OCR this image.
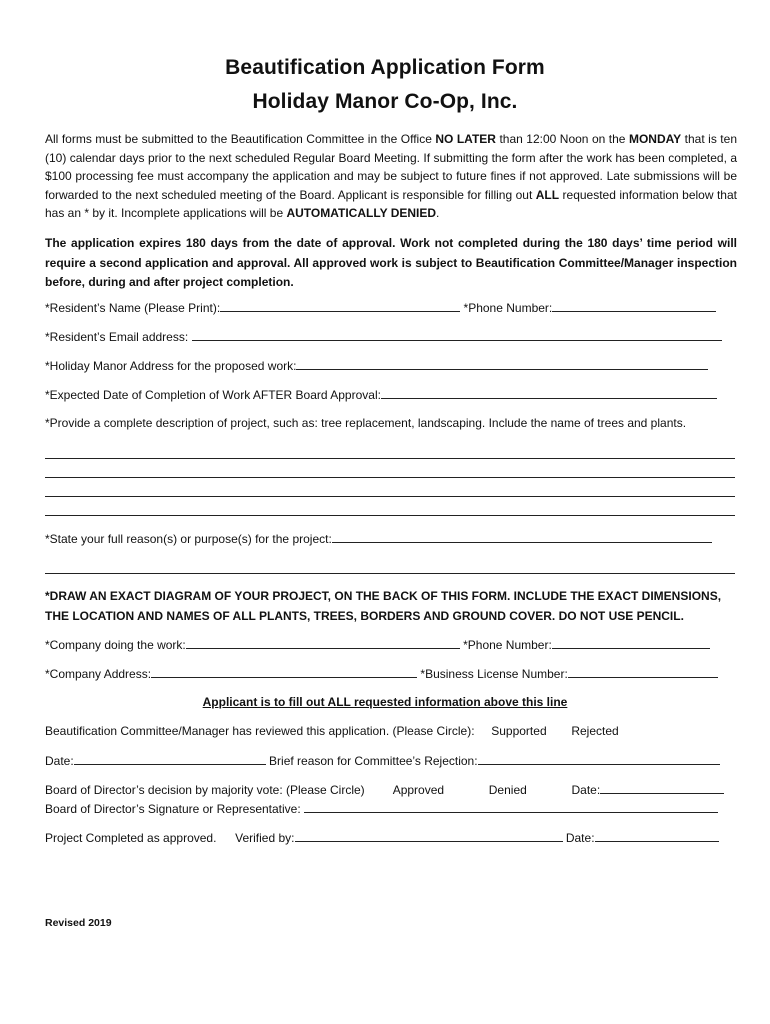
Beautification Application Form
Holiday Manor Co-Op, Inc.
All forms must be submitted to the Beautification Committee in the Office NO LATER than 12:00 Noon on the MONDAY that is ten (10) calendar days prior to the next scheduled Regular Board Meeting. If submitting the form after the work has been completed, a $100 processing fee must accompany the application and may be subject to future fines if not approved. Late submissions will be forwarded to the next scheduled meeting of the Board. Applicant is responsible for filling out ALL requested information below that has an * by it. Incomplete applications will be AUTOMATICALLY DENIED.
The application expires 180 days from the date of approval. Work not completed during the 180 days’ time period will require a second application and approval. All approved work is subject to Beautification Committee/Manager inspection before, during and after project completion.
*Resident’s Name (Please Print):	*Phone Number:
*Resident’s Email address:
*Holiday Manor Address for the proposed work:
*Expected Date of Completion of Work AFTER Board Approval:
*Provide a complete description of project, such as: tree replacement, landscaping. Include the name of trees and plants.
*State your full reason(s) or purpose(s) for the project:
*DRAW AN EXACT DIAGRAM OF YOUR PROJECT, ON THE BACK OF THIS FORM. INCLUDE THE EXACT DIMENSIONS, THE LOCATION AND NAMES OF ALL PLANTS, TREES, BORDERS AND GROUND COVER. DO NOT USE PENCIL.
*Company doing the work:	*Phone Number:
*Company Address:	*Business License Number:
Applicant is to fill out ALL requested information above this line
Beautification Committee/Manager has reviewed this application. (Please Circle): Supported Rejected
Date:	Brief reason for Committee’s Rejection:
Board of Director’s decision by majority vote: (Please Circle) Approved	Denied	Date:
Board of Director’s Signature or Representative:
Project Completed as approved. Verified by:	Date:
Revised 2019
